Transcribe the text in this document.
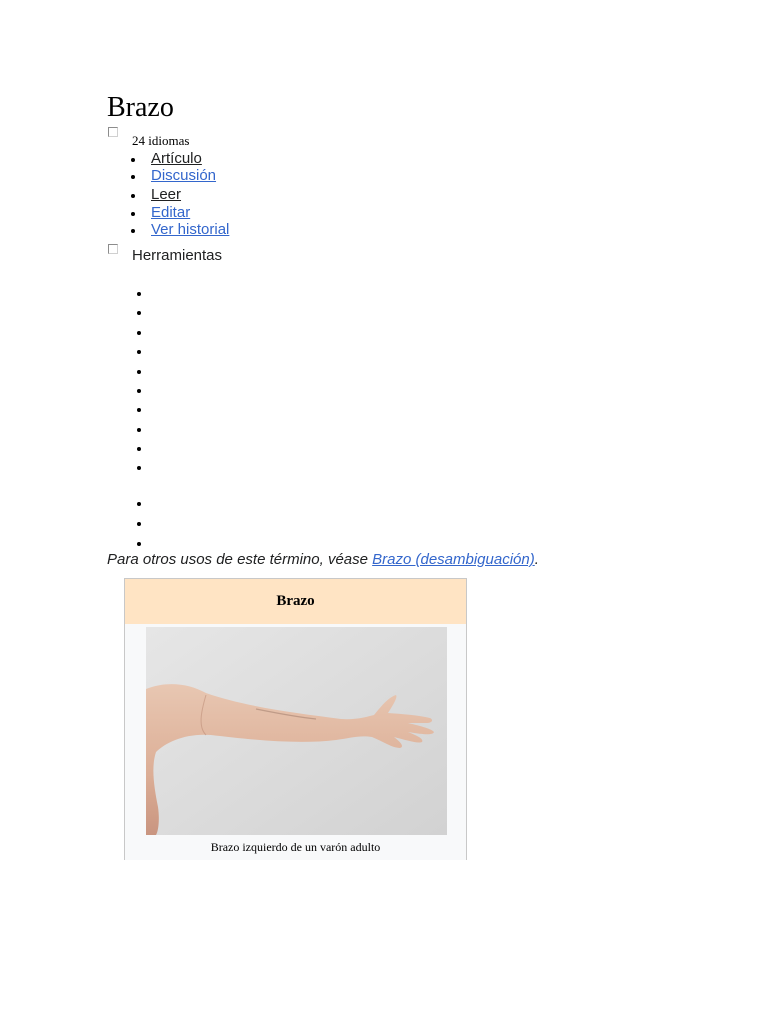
Brazo
24 idiomas
Artículo
Discusión
Leer
Editar
Ver historial
Herramientas
Para otros usos de este término, véase Brazo (desambiguación).
Brazo
Brazo izquierdo de un varón adulto
